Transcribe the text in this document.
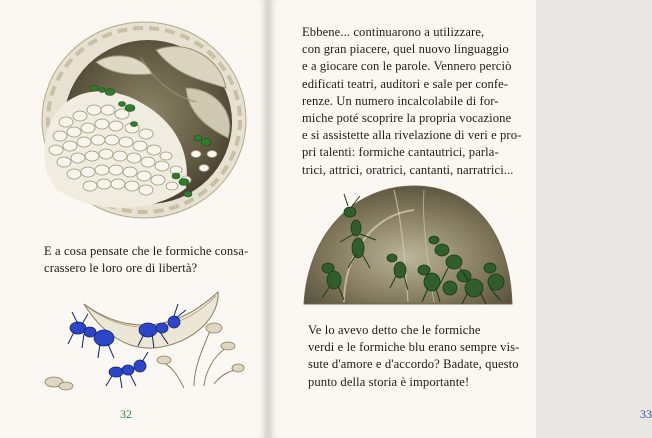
E a cosa pensate che le formiche consa-
crassero le loro ore di libertà?
32
Ebbene... continuarono a utilizzare,
con gran piacere, quel nuovo linguaggio
e a giocare con le parole. Vennero perciò
edificati teatri, auditori e sale per confe-
renze. Un numero incalcolabile di for-
miche poté scoprire la propria vocazione
e si assistette alla rivelazione di veri e pro-
pri talenti: formiche cantautrici, parla-
trici, attrici, oratrici, cantanti, narratrici...
Ve lo avevo detto che le formiche
verdi e le formiche blu erano sempre vis-
sute d'amore e d'accordo? Badate, questo
punto della storia è importante!
33
